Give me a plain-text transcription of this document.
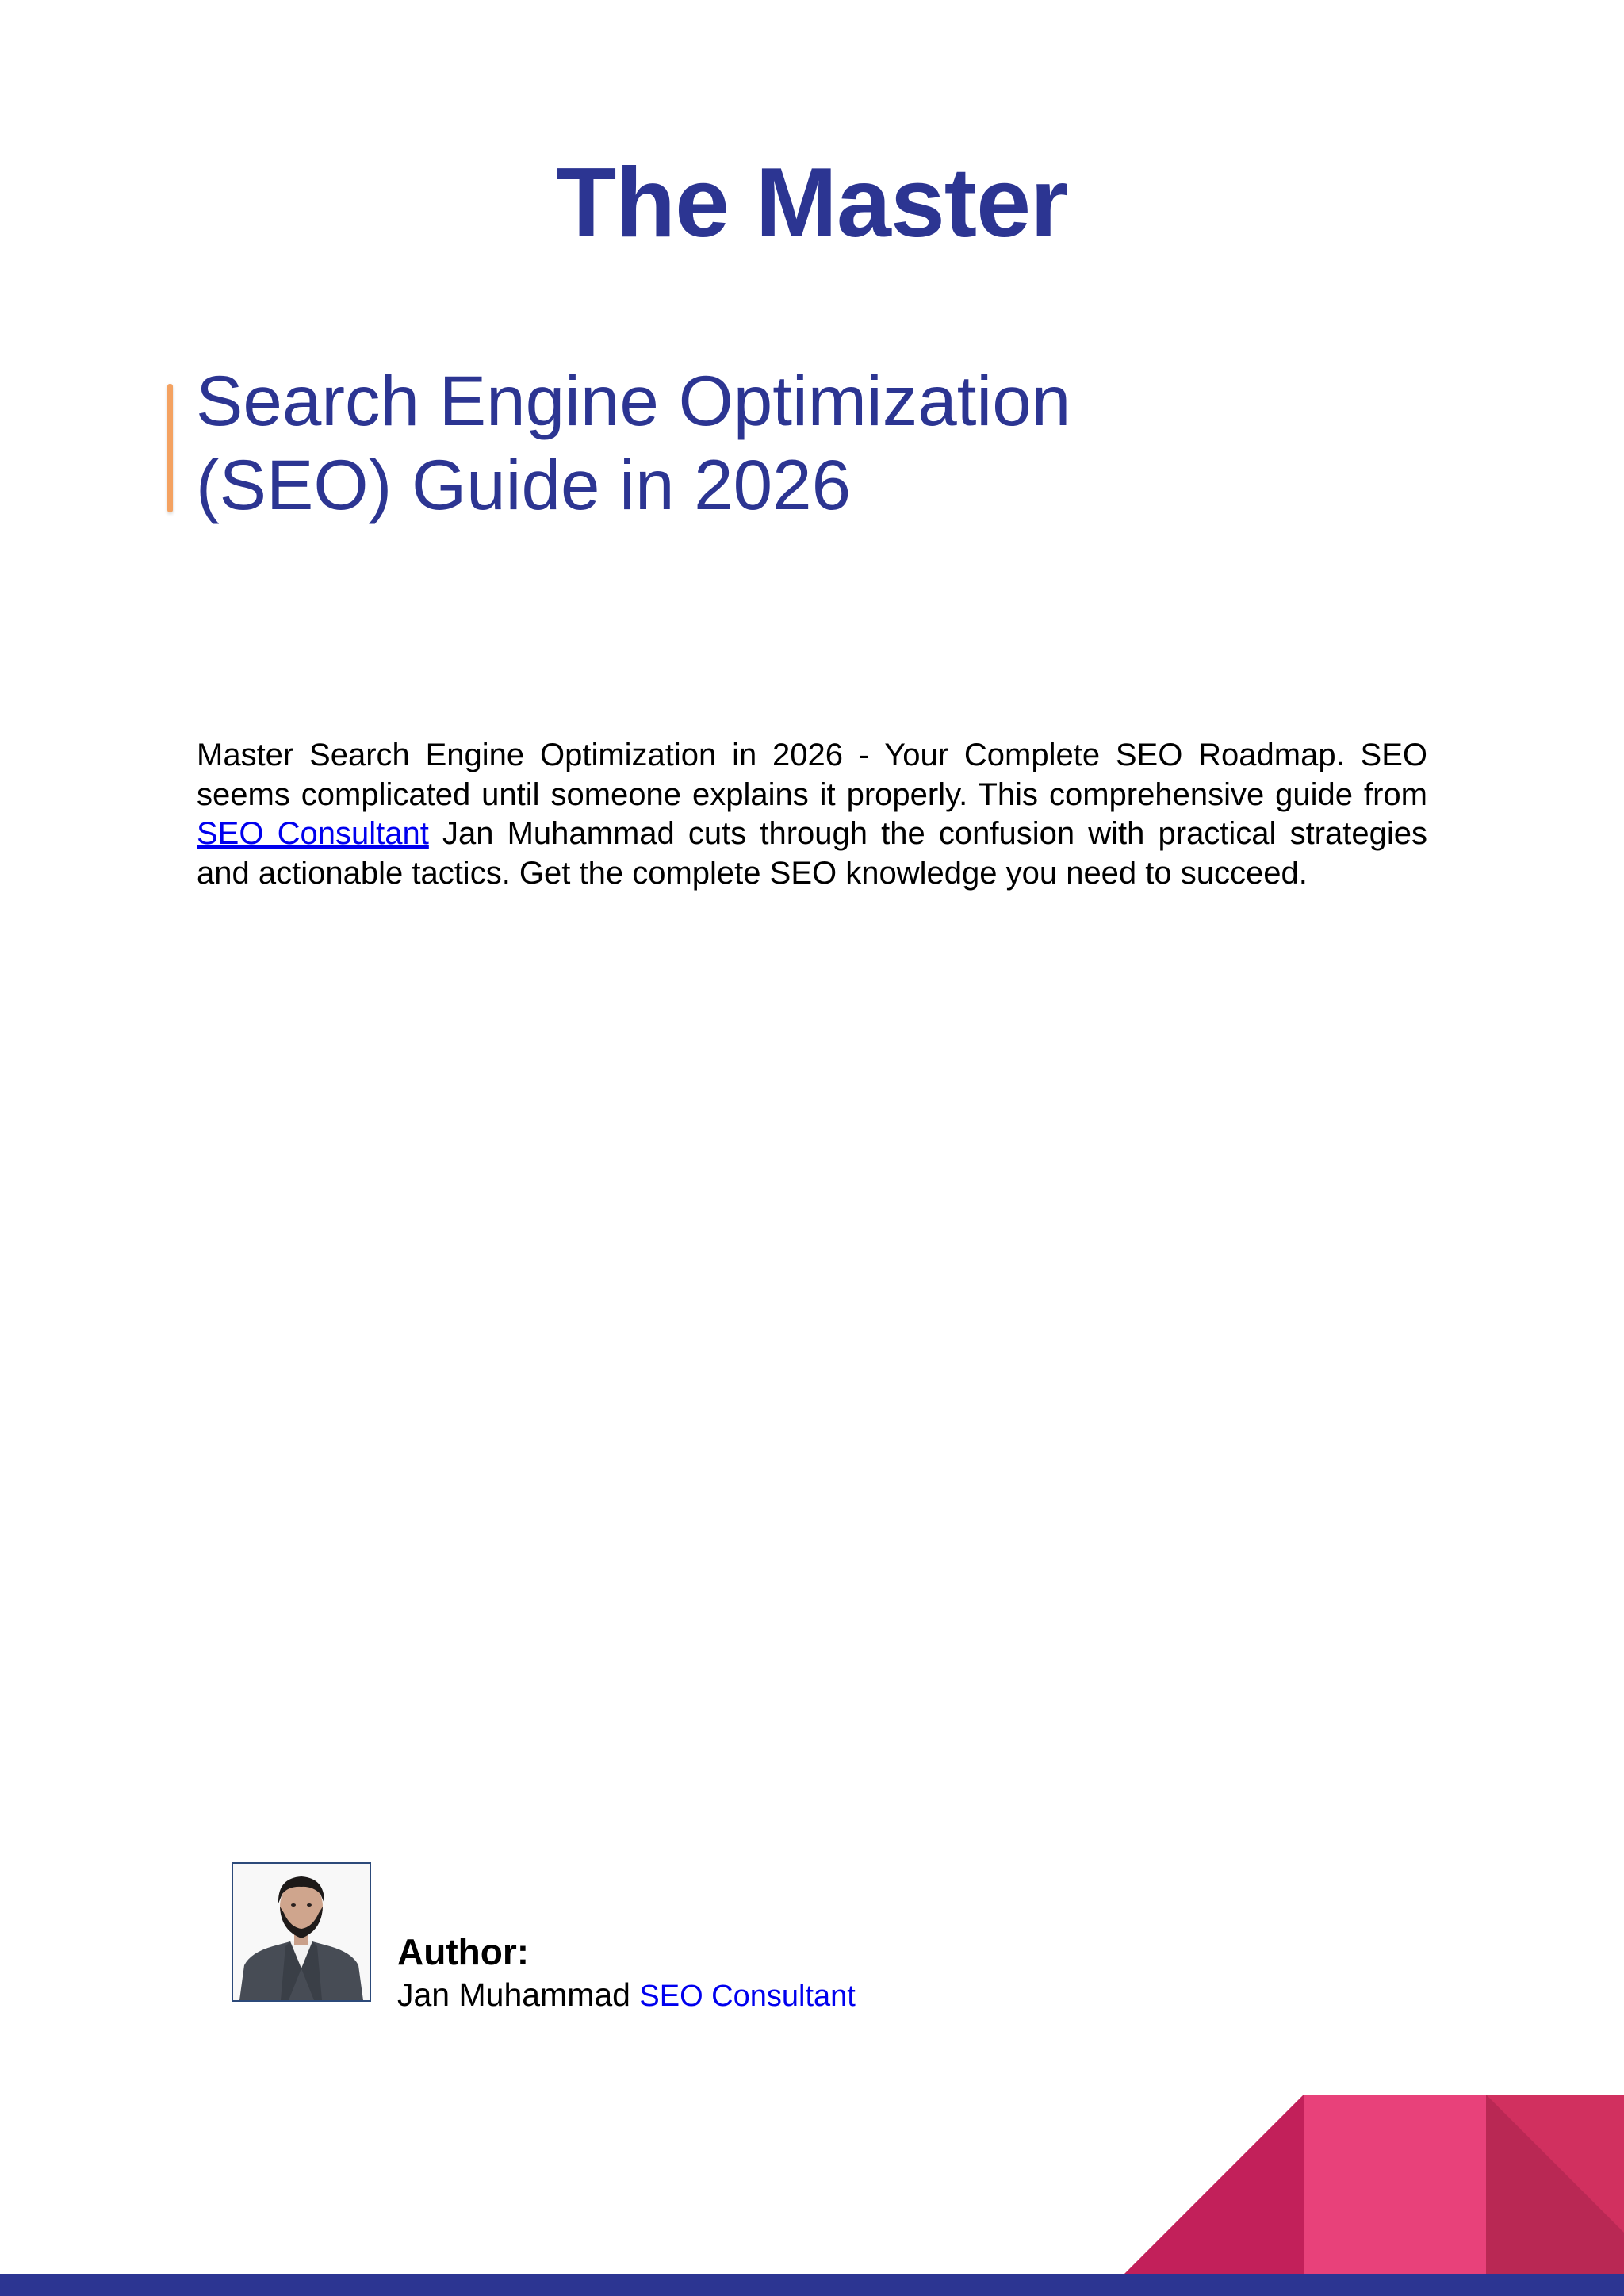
The Master
Search Engine Optimization
(SEO) Guide in 2026

Master Search Engine Optimization in 2026 - Your Complete SEO Roadmap. SEO seems complicated until someone explains it properly. This comprehensive guide from SEO Consultant Jan Muhammad cuts through the confusion with practical strategies and actionable tactics. Get the complete SEO knowledge you need to succeed.

Author:
Jan Muhammad SEO Consultant
